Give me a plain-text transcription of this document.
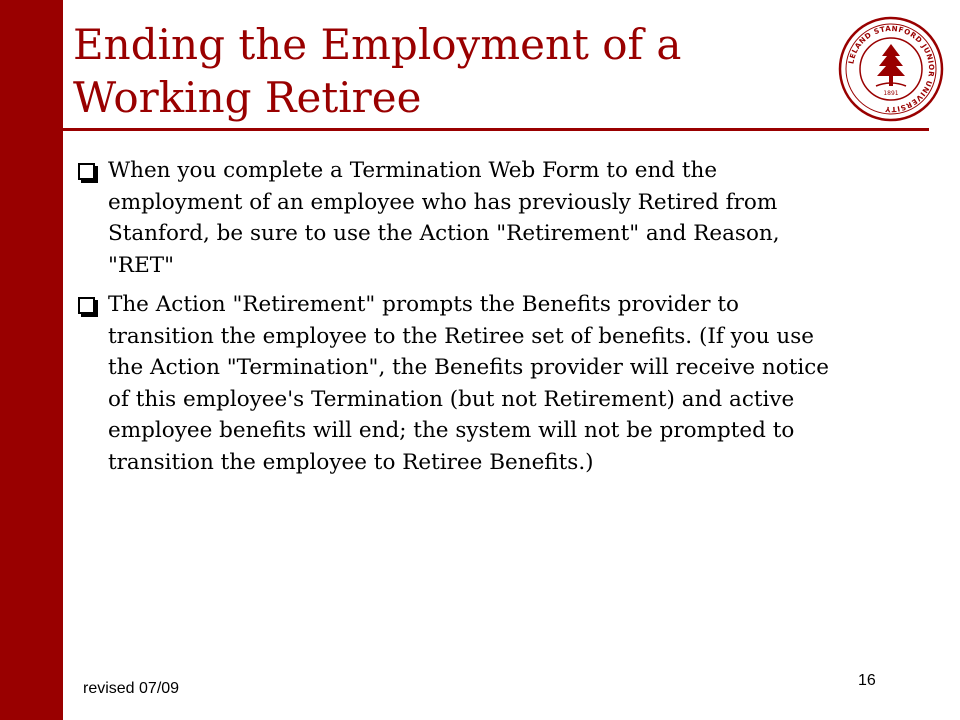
Ending the Employment of a Working Retiree
LELAND STANFORD JUNIOR UNIVERSITY
1891
When you complete a Termination Web Form to end the employment of an employee who has previously Retired from Stanford, be sure to use the Action "Retirement" and Reason, "RET"
The Action "Retirement" prompts the Benefits provider to transition the employee to the Retiree set of benefits. (If you use the Action "Termination", the Benefits provider will receive notice of this employee's Termination (but not Retirement) and active employee benefits will end; the system will not be prompted to transition the employee to Retiree Benefits.)
revised 07/09	16
